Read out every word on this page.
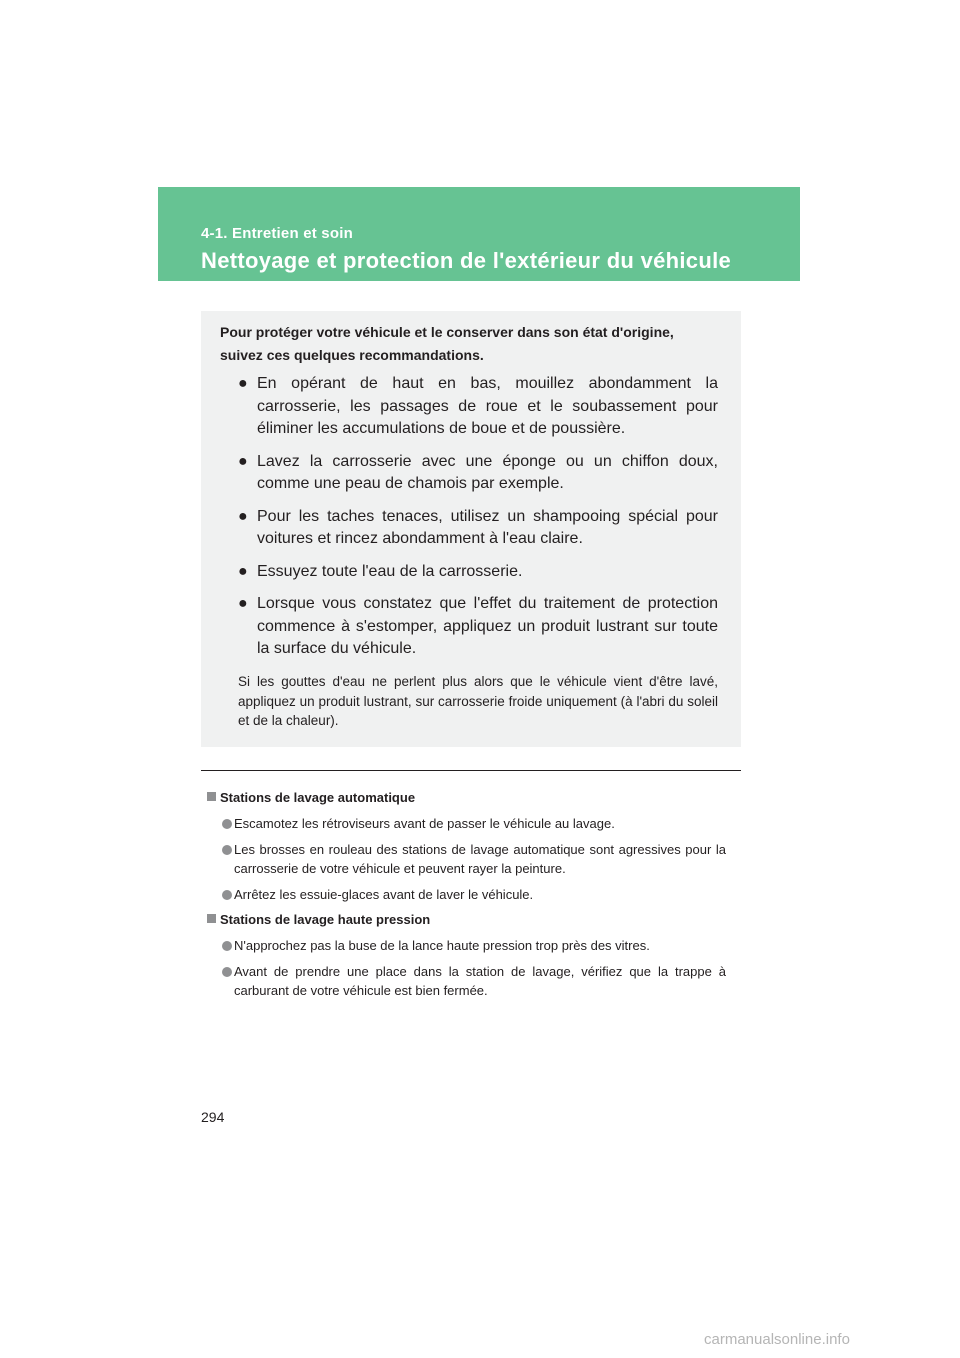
4-1. Entretien et soin
Nettoyage et protection de l'extérieur du véhicule
Pour protéger votre véhicule et le conserver dans son état d'origine, suivez ces quelques recommandations.
● En opérant de haut en bas, mouillez abondamment la carrosserie, les passages de roue et le soubassement pour éliminer les accumulations de boue et de poussière.
● Lavez la carrosserie avec une éponge ou un chiffon doux, comme une peau de chamois par exemple.
● Pour les taches tenaces, utilisez un shampooing spécial pour voitures et rincez abondamment à l'eau claire.
● Essuyez toute l'eau de la carrosserie.
● Lorsque vous constatez que l'effet du traitement de protection commence à s'estomper, appliquez un produit lustrant sur toute la surface du véhicule.
Si les gouttes d'eau ne perlent plus alors que le véhicule vient d'être lavé, appliquez un produit lustrant, sur carrosserie froide uniquement (à l'abri du soleil et de la chaleur).
Stations de lavage automatique
Escamotez les rétroviseurs avant de passer le véhicule au lavage.
Les brosses en rouleau des stations de lavage automatique sont agressives pour la carrosserie de votre véhicule et peuvent rayer la peinture.
Arrêtez les essuie-glaces avant de laver le véhicule.
Stations de lavage haute pression
N'approchez pas la buse de la lance haute pression trop près des vitres.
Avant de prendre une place dans la station de lavage, vérifiez que la trappe à carburant de votre véhicule est bien fermée.
294
carmanualsonline.info
